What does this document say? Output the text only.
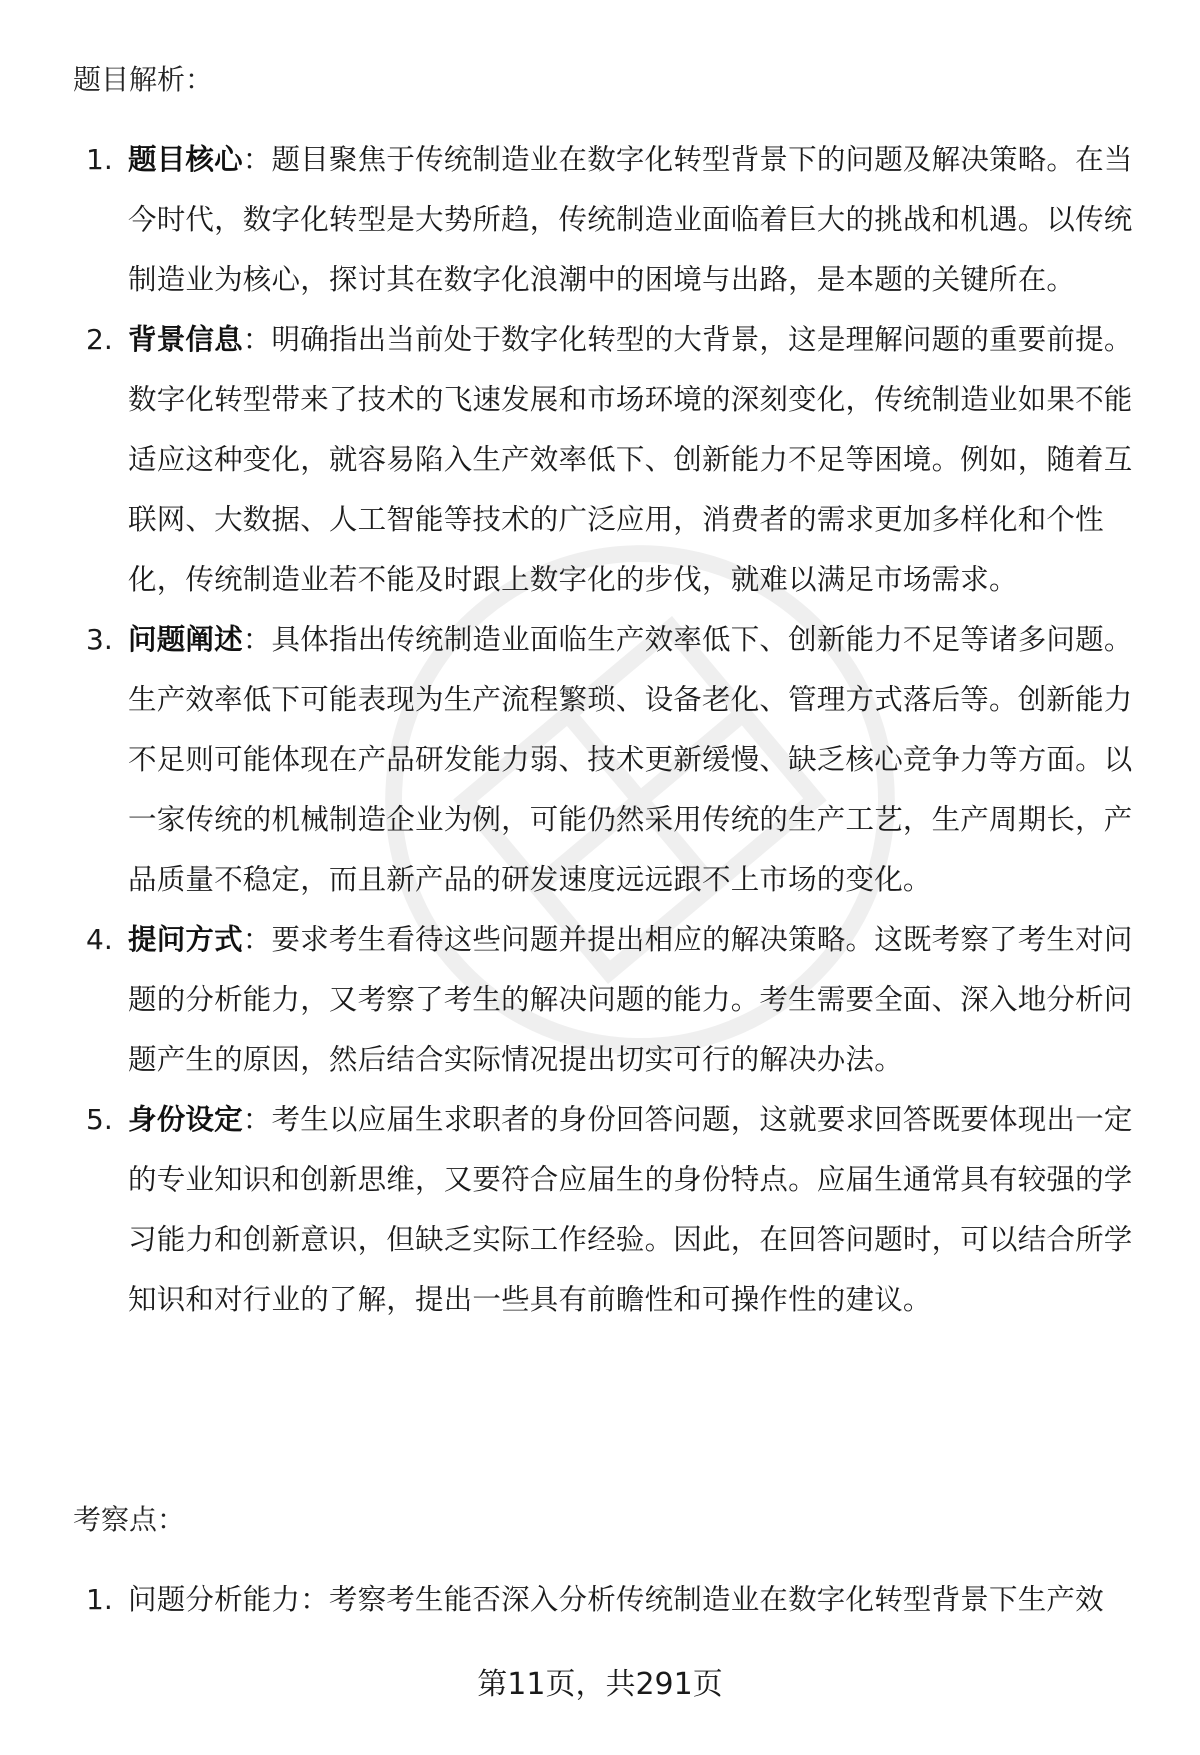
题目解析：
1. 题目核心：题目聚焦于传统制造业在数字化转型背景下的问题及解决策略。在当今时代，数字化转型是大势所趋，传统制造业面临着巨大的挑战和机遇。以传统制造业为核心，探讨其在数字化浪潮中的困境与出路，是本题的关键所在。
2. 背景信息：明确指出当前处于数字化转型的大背景，这是理解问题的重要前提。数字化转型带来了技术的飞速发展和市场环境的深刻变化，传统制造业如果不能适应这种变化，就容易陷入生产效率低下、创新能力不足等困境。例如，随着互联网、大数据、人工智能等技术的广泛应用，消费者的需求更加多样化和个性化，传统制造业若不能及时跟上数字化的步伐，就难以满足市场需求。
3. 问题阐述：具体指出传统制造业面临生产效率低下、创新能力不足等诸多问题。生产效率低下可能表现为生产流程繁琐、设备老化、管理方式落后等。创新能力不足则可能体现在产品研发能力弱、技术更新缓慢、缺乏核心竞争力等方面。以一家传统的机械制造企业为例，可能仍然采用传统的生产工艺，生产周期长，产品质量不稳定，而且新产品的研发速度远远跟不上市场的变化。
4. 提问方式：要求考生看待这些问题并提出相应的解决策略。这既考察了考生对问题的分析能力，又考察了考生的解决问题的能力。考生需要全面、深入地分析问题产生的原因，然后结合实际情况提出切实可行的解决办法。
5. 身份设定：考生以应届生求职者的身份回答问题，这就要求回答既要体现出一定的专业知识和创新思维，又要符合应届生的身份特点。应届生通常具有较强的学习能力和创新意识，但缺乏实际工作经验。因此，在回答问题时，可以结合所学知识和对行业的了解，提出一些具有前瞻性和可操作性的建议。
考察点：
1. 问题分析能力：考察考生能否深入分析传统制造业在数字化转型背景下生产效
第11页，共291页
